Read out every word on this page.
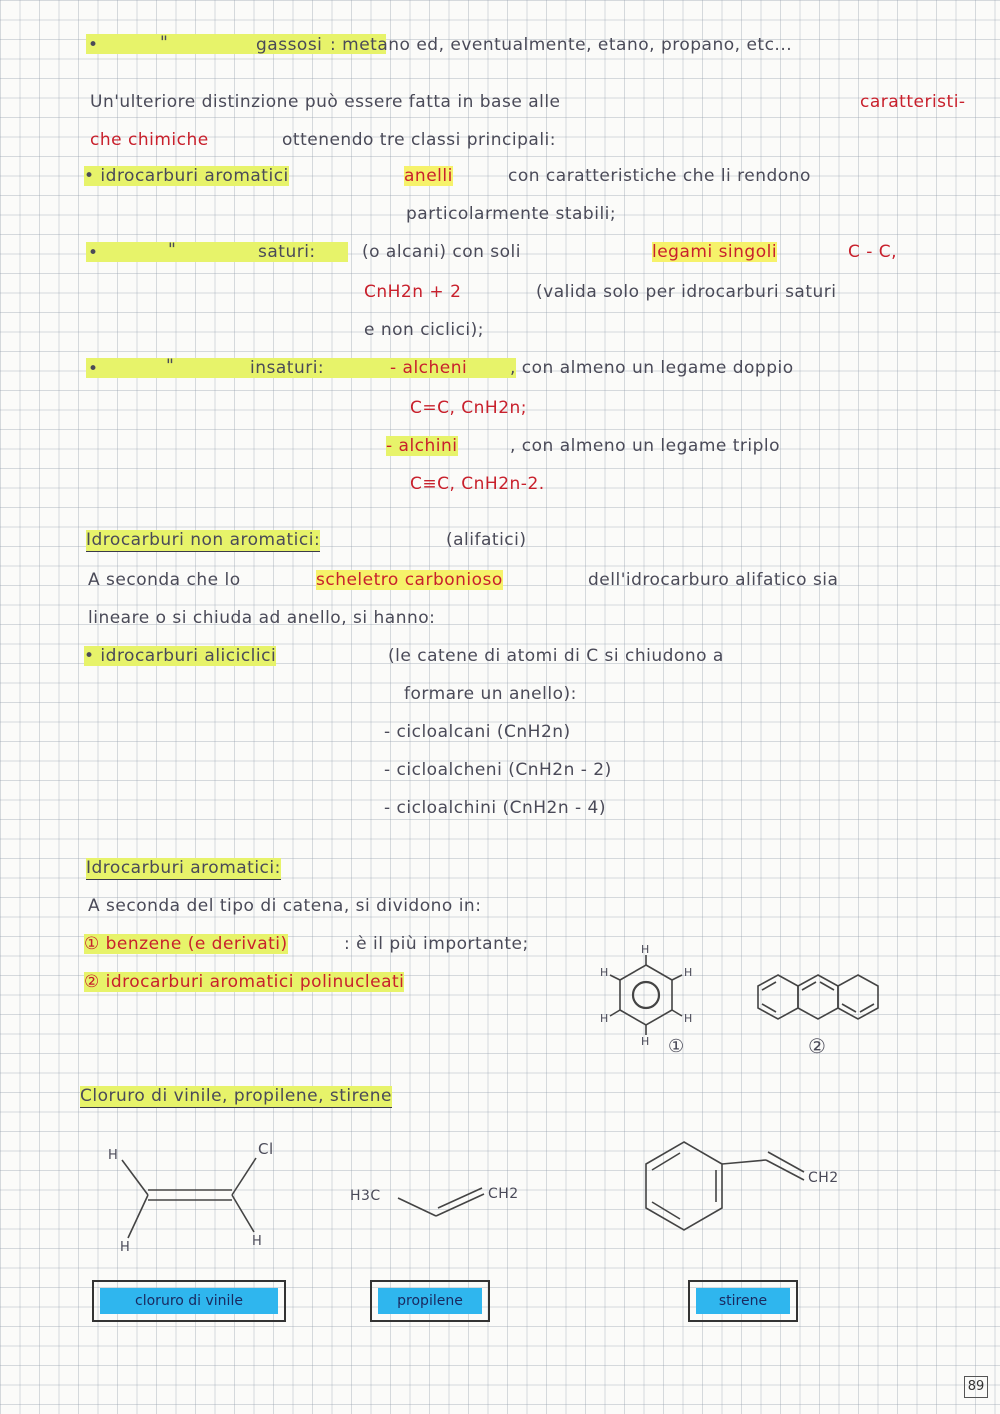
•	"	gassosi : metano ed, eventualmente, etano, propano, etc...
Un'ulteriore distinzione può essere fatta in base alle	caratteristi-
che chimiche	ottenendo tre classi principali:
• idrocarburi aromatici	anelli	con caratteristiche che li rendono
particolarmente stabili;
•	"	saturi:	(o alcani) con soli	legami singoli	C - C,
CnH2n + 2	(valida solo per idrocarburi saturi
e non ciclici);
•	"	insaturi:	- alcheni	, con almeno un legame doppio
C=C, CnH2n;
- alchini	, con almeno un legame triplo
C≡C, CnH2n-2.
Idrocarburi non aromatici:	(alifatici)
A seconda che lo	scheletro carbonioso	dell'idrocarburo alifatico sia
lineare o si chiuda ad anello, si hanno:
• idrocarburi aliciclici	(le catene di atomi di C si chiudono a
formare un anello):
- cicloalcani (CnH2n)
- cicloalcheni (CnH2n - 2)
- cicloalchini (CnH2n - 4)
Idrocarburi aromatici:
A seconda del tipo di catena, si dividono in:
① benzene (e derivati)	: è il più importante;
② idrocarburi aromatici polinucleati
Cloruro di vinile, propilene, stirene
H
H
H
H
H
H
①	②
H	Cl
H	H
H3C	CH2
CH2
cloruro di vinile	propilene	stirene
89
